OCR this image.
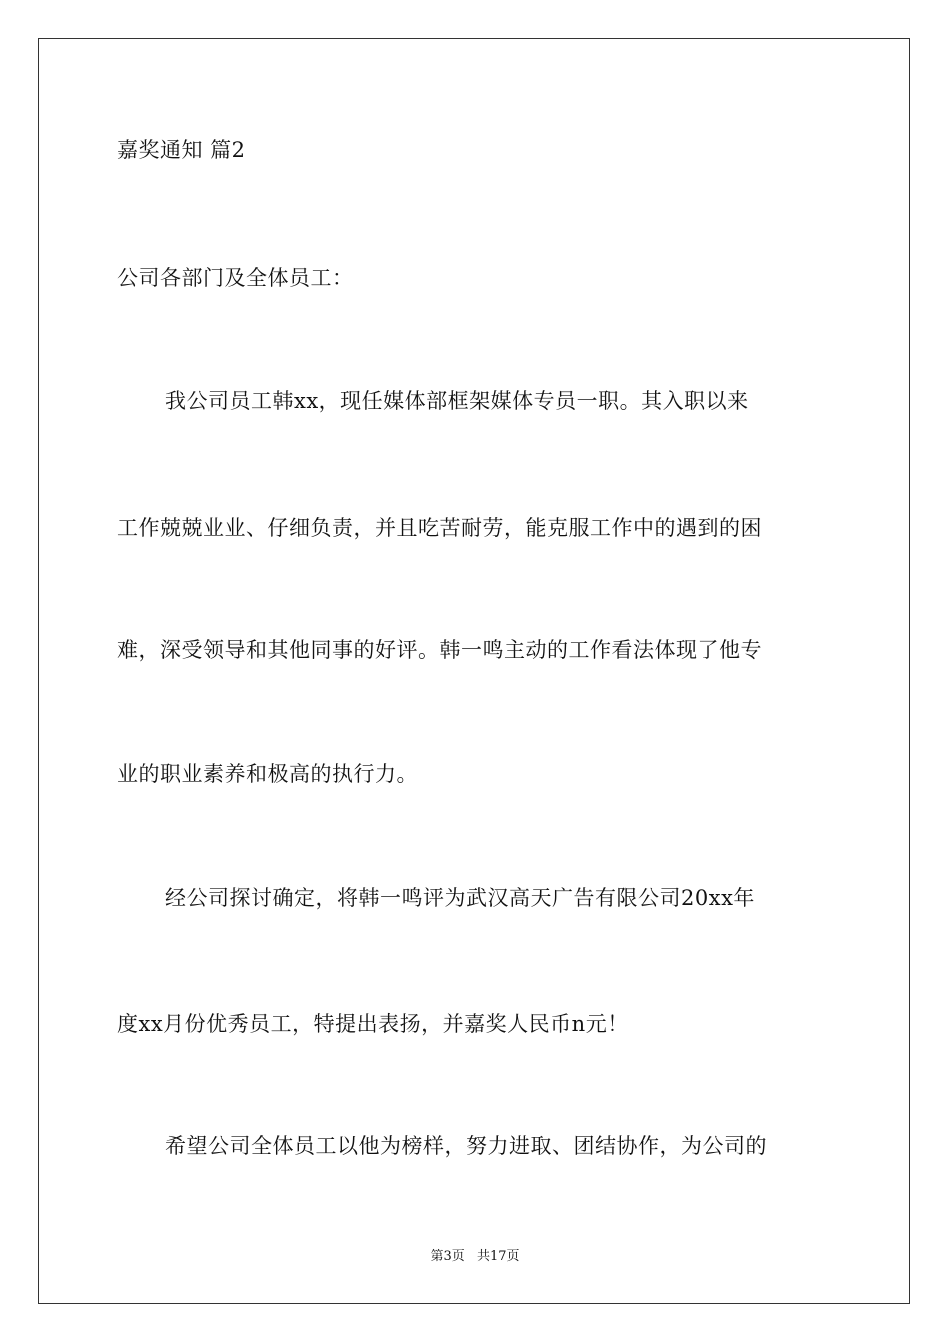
嘉奖通知 篇2
公司各部门及全体员工：
我公司员工韩xx，现任媒体部框架媒体专员一职。其入职以来
工作兢兢业业、仔细负责，并且吃苦耐劳，能克服工作中的遇到的困
难，深受领导和其他同事的好评。韩一鸣主动的工作看法体现了他专
业的职业素养和极高的执行力。
经公司探讨确定，将韩一鸣评为武汉高天广告有限公司20xx年
度xx月份优秀员工，特提出表扬，并嘉奖人民币n元！
希望公司全体员工以他为榜样，努力进取、团结协作，为公司的
第3页 共17页
